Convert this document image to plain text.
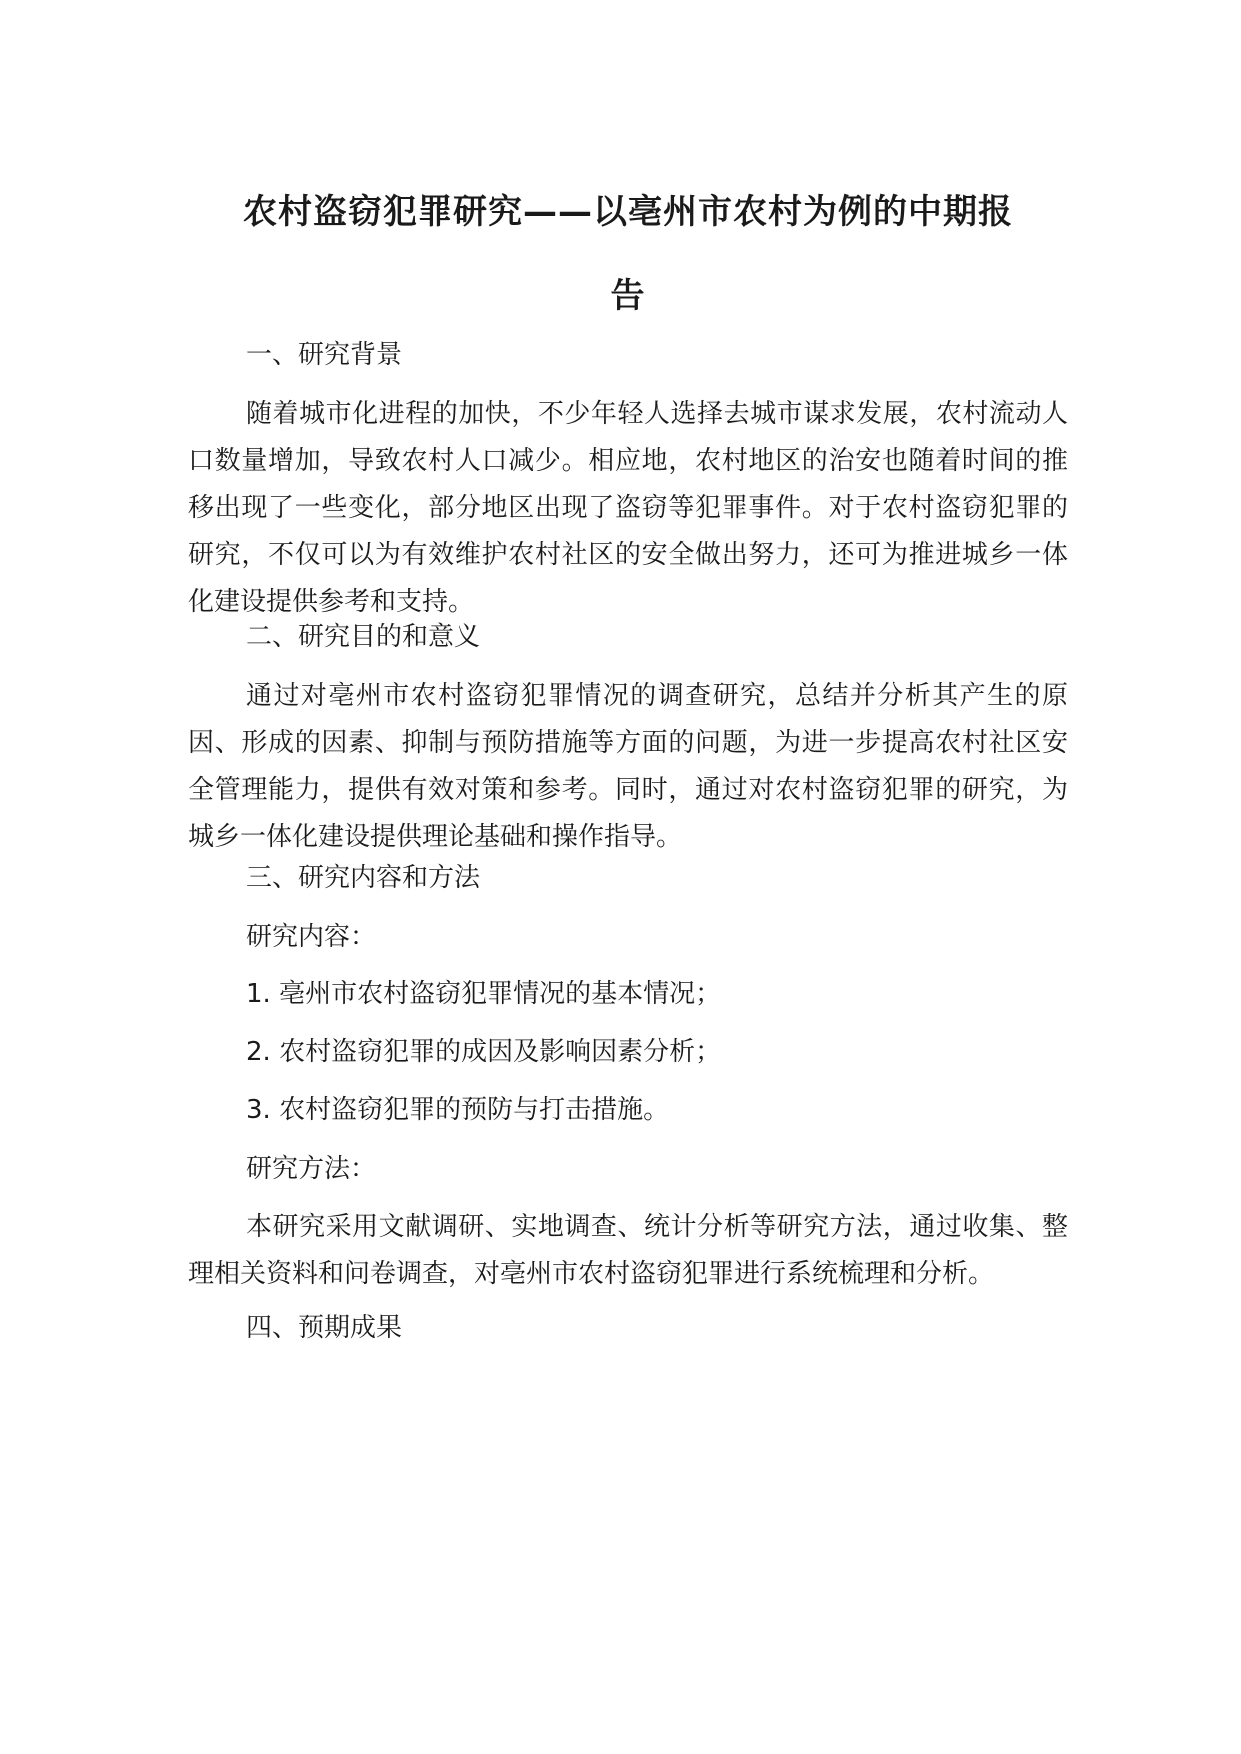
农村盗窃犯罪研究——以亳州市农村为例的中期报
告
一、研究背景
随着城市化进程的加快，不少年轻人选择去城市谋求发展，农村流动人口数量增加，导致农村人口减少。相应地，农村地区的治安也随着时间的推移出现了一些变化，部分地区出现了盗窃等犯罪事件。对于农村盗窃犯罪的研究，不仅可以为有效维护农村社区的安全做出努力，还可为推进城乡一体化建设提供参考和支持。
二、研究目的和意义
通过对亳州市农村盗窃犯罪情况的调查研究，总结并分析其产生的原因、形成的因素、抑制与预防措施等方面的问题，为进一步提高农村社区安全管理能力，提供有效对策和参考。同时，通过对农村盗窃犯罪的研究，为城乡一体化建设提供理论基础和操作指导。
三、研究内容和方法
研究内容：
1. 亳州市农村盗窃犯罪情况的基本情况；
2. 农村盗窃犯罪的成因及影响因素分析；
3. 农村盗窃犯罪的预防与打击措施。
研究方法：
本研究采用文献调研、实地调查、统计分析等研究方法，通过收集、整理相关资料和问卷调查，对亳州市农村盗窃犯罪进行系统梳理和分析。
四、预期成果
